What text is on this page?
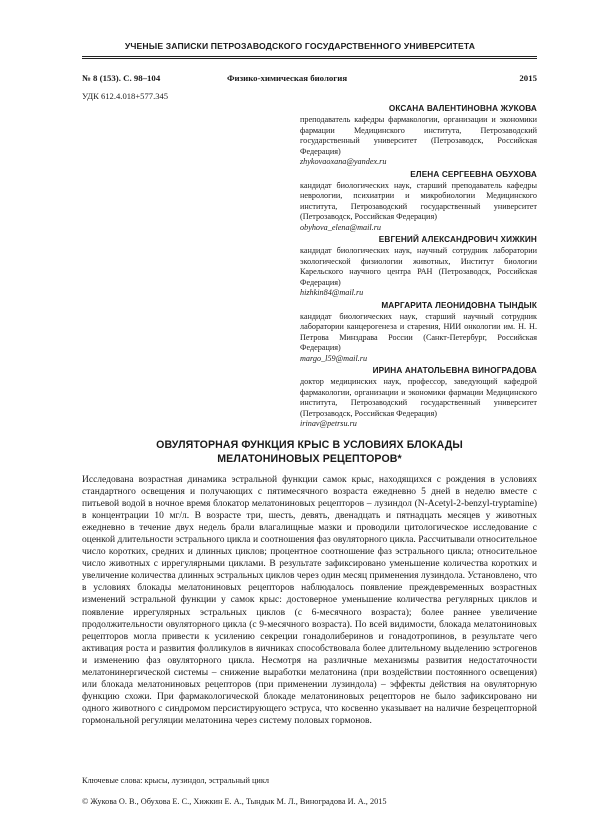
УЧЕНЫЕ ЗАПИСКИ ПЕТРОЗАВОДСКОГО ГОСУДАРСТВЕННОГО УНИВЕРСИТЕТА
№ 8 (153). С. 98–104	Физико-химическая биология	2015
УДК 612.4.018+577.345
ОКСАНА ВАЛЕНТИНОВНА ЖУКОВА
преподаватель кафедры фармакологии, организации и экономики фармации Медицинского института, Петрозаводский государственный университет (Петрозаводск, Российская Федерация)
zhykovaoxana@yandex.ru
ЕЛЕНА СЕРГЕЕВНА ОБУХОВА
кандидат биологических наук, старший преподаватель кафедры неврологии, психиатрии и микробиологии Медицинского института, Петрозаводский государственный университет (Петрозаводск, Российская Федерация)
obyhova_elena@mail.ru
ЕВГЕНИЙ АЛЕКСАНДРОВИЧ ХИЖКИН
кандидат биологических наук, научный сотрудник лаборатории экологической физиологии животных, Институт биологии Карельского научного центра РАН (Петрозаводск, Российская Федерация)
hizhkin84@mail.ru
МАРГАРИТА ЛЕОНИДОВНА ТЫНДЫК
кандидат биологических наук, старший научный сотрудник лаборатории канцерогенеза и старения, НИИ онкологии им. Н. Н. Петрова Минздрава России (Санкт-Петербург, Российская Федерация)
margo_l59@mail.ru
ИРИНА АНАТОЛЬЕВНА ВИНОГРАДОВА
доктор медицинских наук, профессор, заведующий кафедрой фармакологии, организации и экономики фармации Медицинского института, Петрозаводский государственный университет (Петрозаводск, Российская Федерация)
irinav@petrsu.ru
ОВУЛЯТОРНАЯ ФУНКЦИЯ КРЫС В УСЛОВИЯХ БЛОКАДЫ
МЕЛАТОНИНОВЫХ РЕЦЕПТОРОВ*
Исследована возрастная динамика эстральной функции самок крыс, находящихся с рождения в условиях стандартного освещения и получающих с пятимесячного возраста ежедневно 5 дней в неделю вместе с питьевой водой в ночное время блокатор мелатониновых рецепторов – лузиндол (N-Acetyl-2-benzyl-tryptamine) в концентрации 10 мг/л. В возрасте три, шесть, девять, двенадцать и пятнадцать месяцев у животных ежедневно в течение двух недель брали влагалищные мазки и проводили цитологическое исследование с оценкой длительности эстрального цикла и соотношения фаз овуляторного цикла. Рассчитывали относительное число коротких, средних и длинных циклов; процентное соотношение фаз эстрального цикла; относительное число животных с иррегулярными циклами. В результате зафиксировано уменьшение количества коротких и увеличение количества длинных эстральных циклов через один месяц применения лузиндола. Установлено, что в условиях блокады мелатониновых рецепторов наблюдалось появление преждевременных возрастных изменений эстральной функции у самок крыс: достоверное уменьшение количества регулярных циклов и появление иррегулярных эстральных циклов (с 6-месячного возраста); более раннее увеличение продолжительности овуляторного цикла (с 9-месячного возраста). По всей видимости, блокада мелатониновых рецепторов могла привести к усилению секреции гонадолиберинов и гонадотропинов, в результате чего активация роста и развития фолликулов в яичниках способствовала более длительному выделению эстрогенов и изменению фаз овуляторного цикла. Несмотря на различные механизмы развития недостаточности мелатонинергической системы – снижение выработки мелатонина (при воздействии постоянного освещения) или блокада мелатониновых рецепторов (при применении лузиндола) – эффекты действия на овуляторную функцию схожи. При фармакологической блокаде мелатониновых рецепторов не было зафиксировано ни одного животного с синдромом персистирующего эструса, что косвенно указывает на наличие безрецепторной гормональной регуляции мелатонина через систему половых гормонов.
Ключевые слова: крысы, лузиндол, эстральный цикл
© Жукова О. В., Обухова Е. С., Хижкин Е. А., Тындык М. Л., Виноградова И. А., 2015
